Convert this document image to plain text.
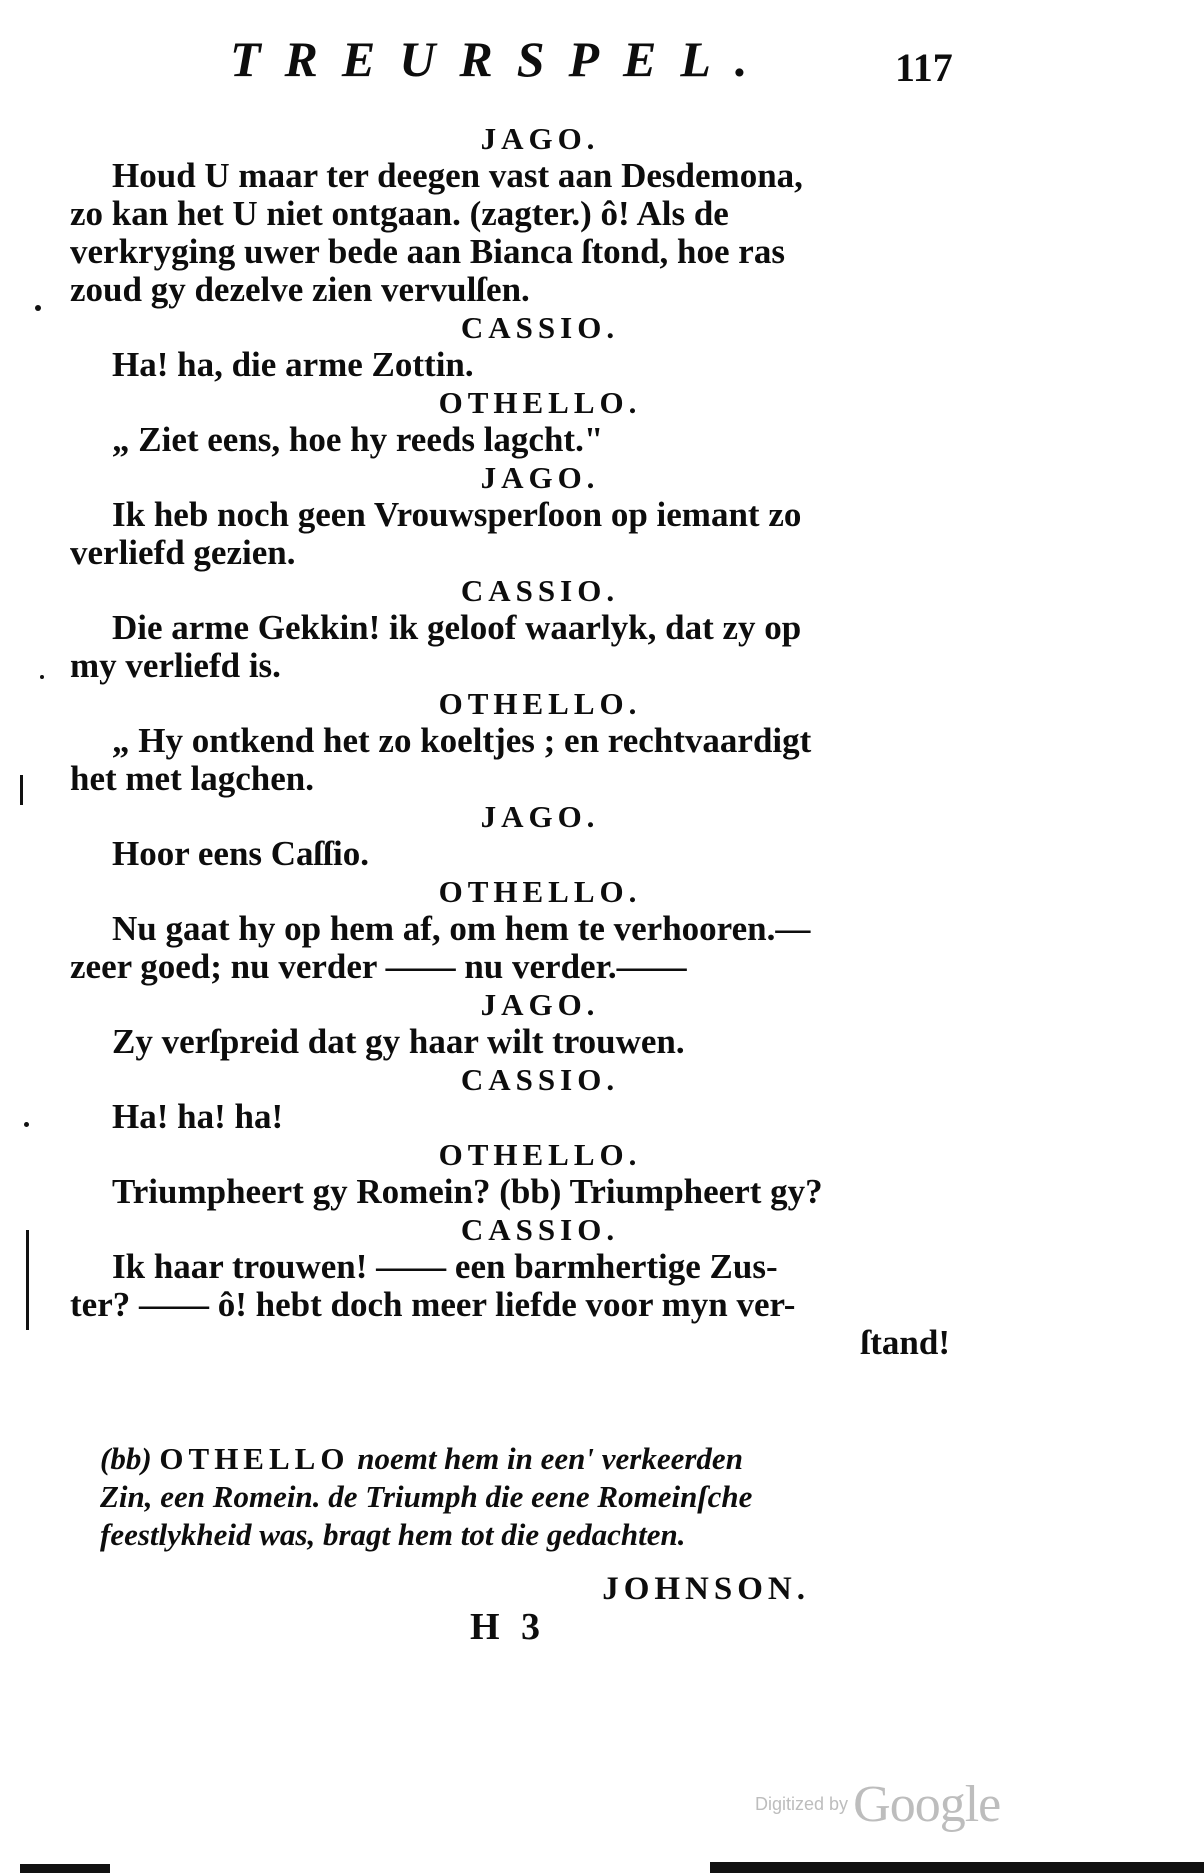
TREURSPEL.	117
JAGO.
Houd U maar ter deegen vast aan Desdemona,
zo kan het U niet ontgaan. (zagter.) ô! Als de
verkryging uwer bede aan Bianca ſtond, hoe ras
zoud gy dezelve zien vervulſen.
CASSIO.
Ha! ha, die arme Zottin.
OTHELLO.
„ Ziet eens, hoe hy reeds lagcht."
JAGO.
Ik heb noch geen Vrouwsperſoon op iemant zo
verliefd gezien.
CASSIO.
Die arme Gekkin! ik geloof waarlyk, dat zy op
my verliefd is.
OTHELLO.
„ Hy ontkend het zo koeltjes ; en rechtvaardigt
het met lagchen.
JAGO.
Hoor eens Caſſio.
OTHELLO.
Nu gaat hy op hem af, om hem te verhooren.—
zeer goed; nu verder —— nu verder.——
JAGO.
Zy verſpreid dat gy haar wilt trouwen.
CASSIO.
Ha! ha! ha!
OTHELLO.
Triumpheert gy Romein? (bb) Triumpheert gy?
CASSIO.
Ik haar trouwen! —— een barmhertige Zus-
ter? —— ô! hebt doch meer liefde voor myn ver-
ſtand!
(bb) OTHELLO noemt hem in een' verkeerden
Zin, een Romein. de Triumph die eene Romeinſche
feestlykheid was, bragt hem tot die gedachten.
JOHNSON.
H 3
Digitized by Google
